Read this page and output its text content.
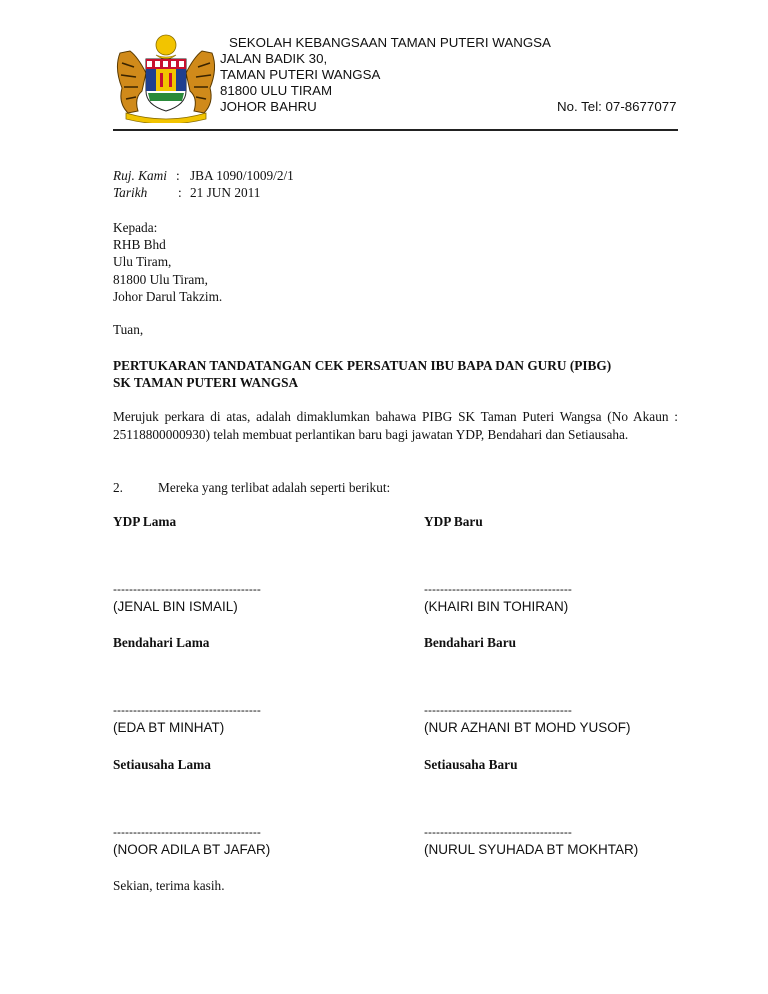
SEKOLAH KEBANGSAAN TAMAN PUTERI WANGSA
JALAN BADIK 30,
TAMAN PUTERI WANGSA
81800 ULU TIRAM
JOHOR BAHRU	No. Tel: 07-8677077
Ruj. Kami : JBA 1090/1009/2/1
Tarikh : 21 JUN 2011
Kepada:
RHB Bhd
Ulu Tiram,
81800 Ulu Tiram,
Johor Darul Takzim.
Tuan,
PERTUKARAN TANDATANGAN CEK PERSATUAN IBU BAPA DAN GURU (PIBG)
SK TAMAN PUTERI WANGSA
Merujuk perkara di atas, adalah dimaklumkan bahawa PIBG SK Taman Puteri Wangsa (No Akaun : 25118800000930) telah membuat perlantikan baru bagi jawatan YDP, Bendahari dan Setiausaha.
2.	Mereka yang terlibat adalah seperti berikut:
YDP Lama	YDP Baru
-------------------------------------	-------------------------------------
(JENAL BIN ISMAIL)	(KHAIRI BIN TOHIRAN)
Bendahari Lama	Bendahari Baru
-------------------------------------	-------------------------------------
(EDA BT MINHAT)	(NUR AZHANI BT MOHD YUSOF)
Setiausaha Lama	Setiausaha Baru
-------------------------------------	-------------------------------------
(NOOR ADILA BT JAFAR)	(NURUL SYUHADA BT MOKHTAR)
Sekian, terima kasih.
